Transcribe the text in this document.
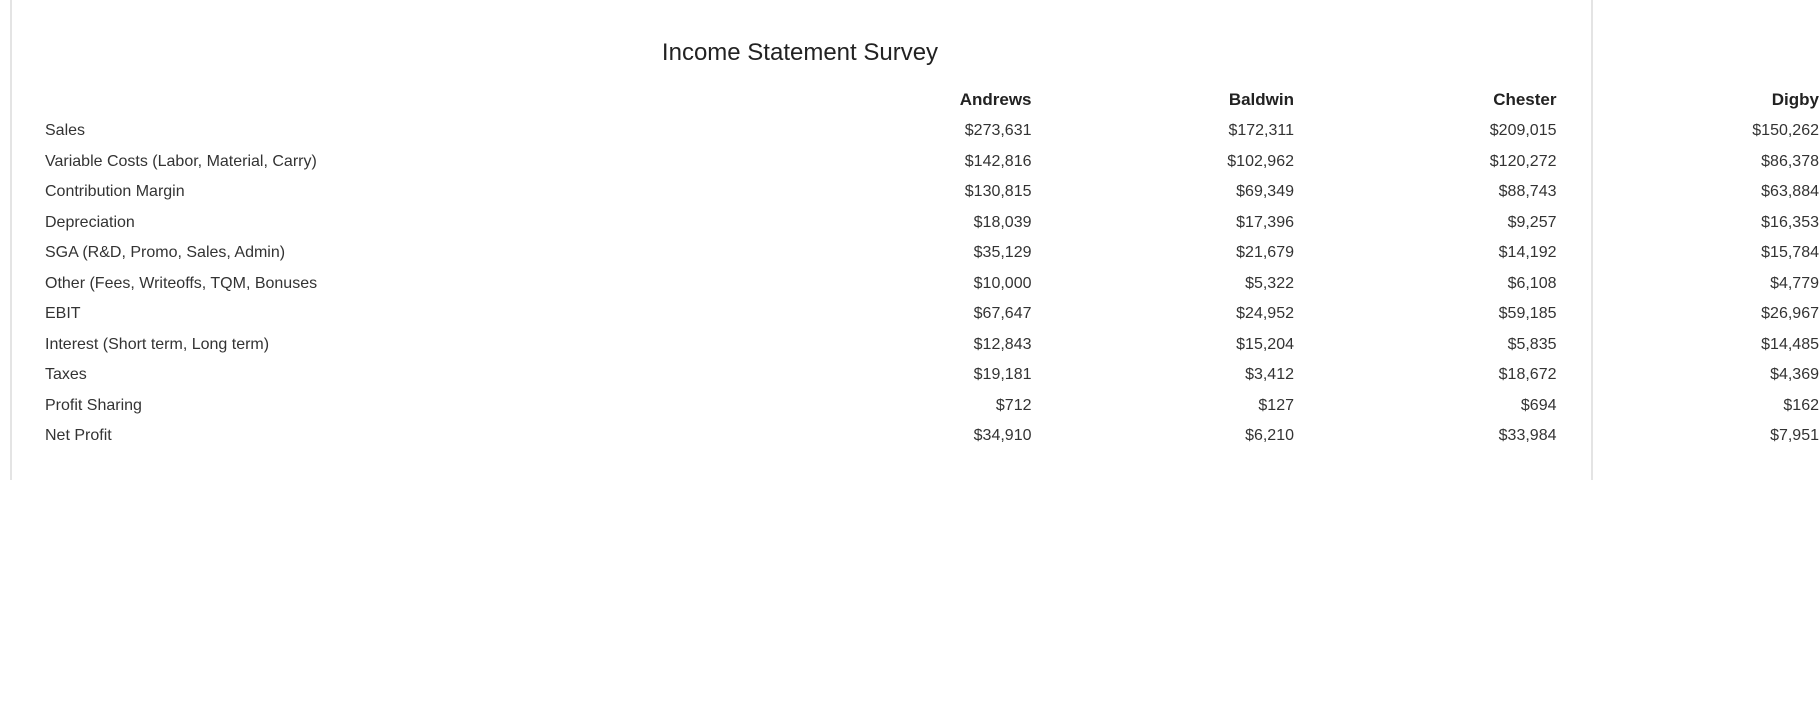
Income Statement Survey
	Andrews	Baldwin	Chester	Digby
Sales	$273,631	$172,311	$209,015	$150,262
Variable Costs (Labor, Material, Carry)	$142,816	$102,962	$120,272	$86,378
Contribution Margin	$130,815	$69,349	$88,743	$63,884
Depreciation	$18,039	$17,396	$9,257	$16,353
SGA (R&D, Promo, Sales, Admin)	$35,129	$21,679	$14,192	$15,784
Other (Fees, Writeoffs, TQM, Bonuses	$10,000	$5,322	$6,108	$4,779
EBIT	$67,647	$24,952	$59,185	$26,967
Interest (Short term, Long term)	$12,843	$15,204	$5,835	$14,485
Taxes	$19,181	$3,412	$18,672	$4,369
Profit Sharing	$712	$127	$694	$162
Net Profit	$34,910	$6,210	$33,984	$7,951
